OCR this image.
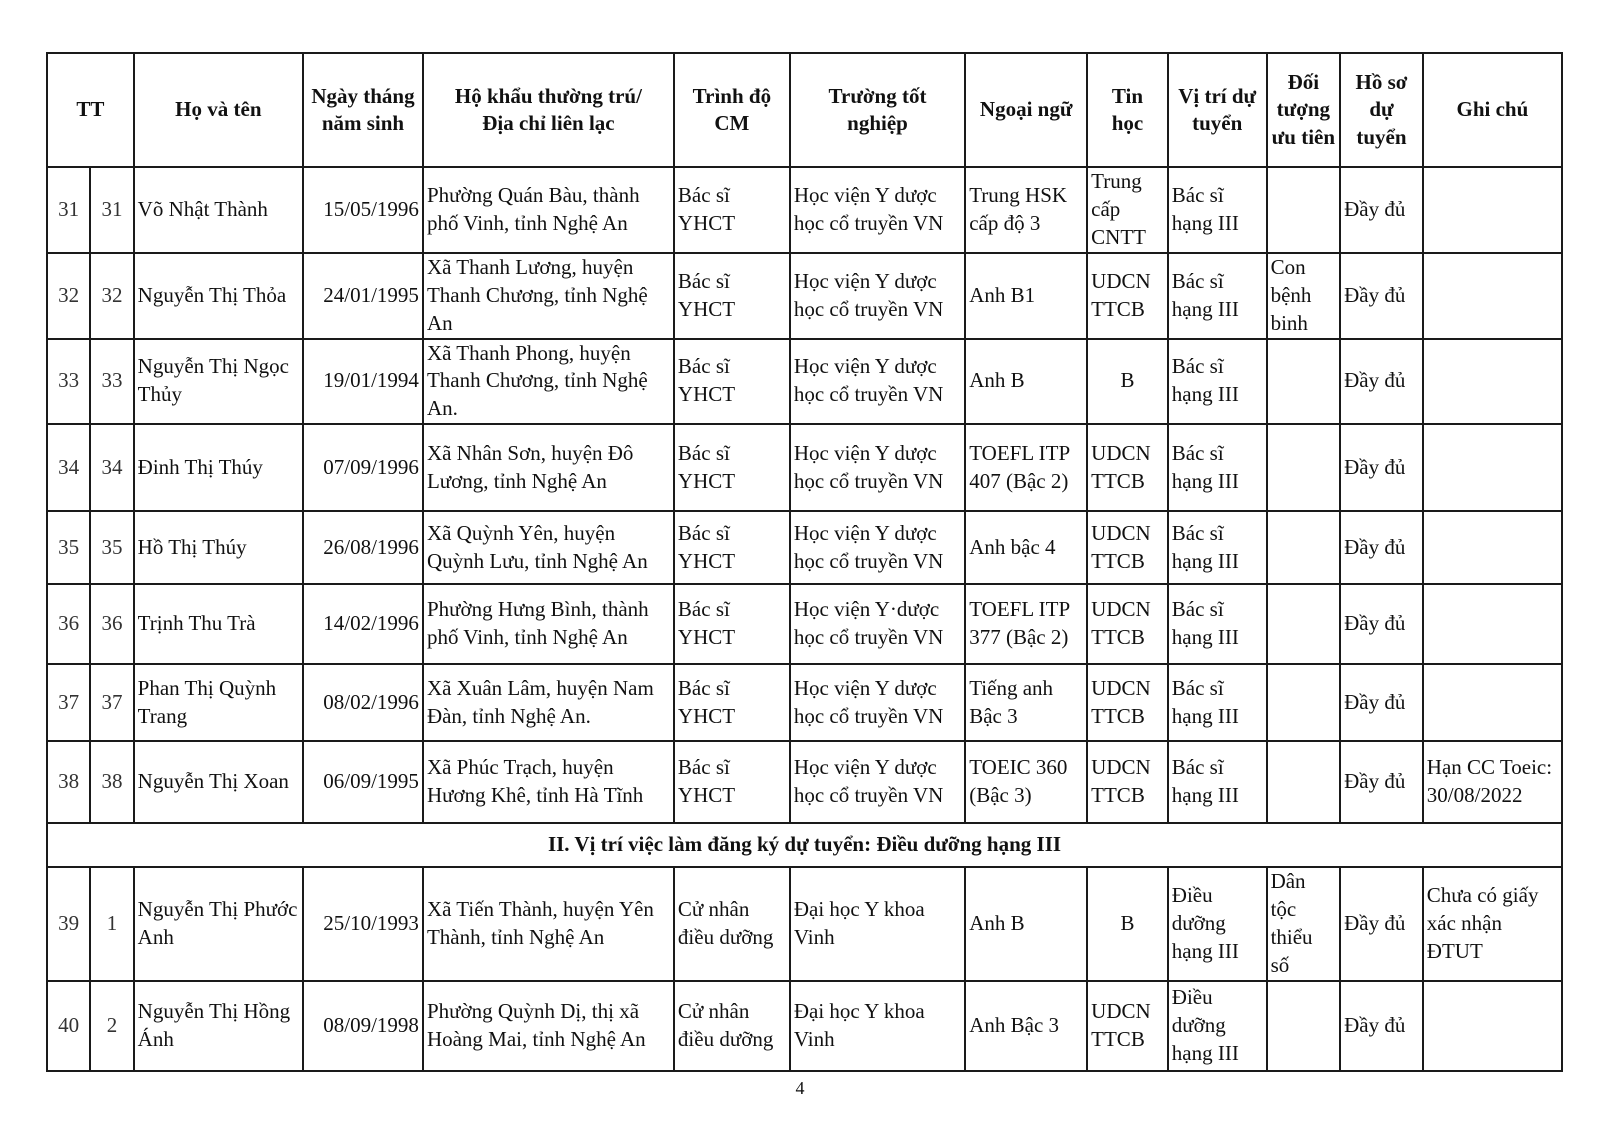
TT		Họ và tên	Ngày tháng
năm sinh	Hộ khẩu thường trú/
Địa chỉ liên lạc	Trình độ
CM	Trường tốt
nghiệp	Ngoại ngữ	Tin
học	Vị trí dự
tuyển	Đối
tượng
ưu tiên	Hồ sơ
dự
tuyển	Ghi chú
31	31	Võ Nhật Thành	15/05/1996	Phường Quán Bàu, thành phố Vinh, tỉnh Nghệ An	Bác sĩ YHCT	Học viện Y dược học cổ truyền VN	Trung HSK cấp độ 3	Trung cấp CNTT	Bác sĩ hạng III		Đầy đủ	
32	32	Nguyễn Thị Thỏa	24/01/1995	Xã Thanh Lương, huyện Thanh Chương, tỉnh Nghệ An	Bác sĩ YHCT	Học viện Y dược học cổ truyền VN	Anh B1	UDCN TTCB	Bác sĩ hạng III	Con bệnh binh	Đầy đủ	
33	33	Nguyễn Thị Ngọc Thủy	19/01/1994	Xã Thanh Phong, huyện Thanh Chương, tỉnh Nghệ An.	Bác sĩ YHCT	Học viện Y dược học cổ truyền VN	Anh B	B	Bác sĩ hạng III		Đầy đủ	
34	34	Đinh Thị Thúy	07/09/1996	Xã Nhân Sơn, huyện Đô Lương, tỉnh Nghệ An	Bác sĩ YHCT	Học viện Y dược học cổ truyền VN	TOEFL ITP 407 (Bậc 2)	UDCN TTCB	Bác sĩ hạng III		Đầy đủ	
35	35	Hồ Thị Thúy	26/08/1996	Xã Quỳnh Yên, huyện Quỳnh Lưu, tỉnh Nghệ An	Bác sĩ YHCT	Học viện Y dược học cổ truyền VN	Anh bậc 4	UDCN TTCB	Bác sĩ hạng III		Đầy đủ	
36	36	Trịnh Thu Trà	14/02/1996	Phường Hưng Bình, thành phố Vinh, tỉnh Nghệ An	Bác sĩ YHCT	Học viện Y·dược học cổ truyền VN	TOEFL ITP 377 (Bậc 2)	UDCN TTCB	Bác sĩ hạng III		Đầy đủ	
37	37	Phan Thị Quỳnh Trang	08/02/1996	Xã Xuân Lâm, huyện Nam Đàn, tỉnh Nghệ An.	Bác sĩ YHCT	Học viện Y dược học cổ truyền VN	Tiếng anh Bậc 3	UDCN TTCB	Bác sĩ hạng III		Đầy đủ	
38	38	Nguyễn Thị Xoan	06/09/1995	Xã Phúc Trạch, huyện Hương Khê, tỉnh Hà Tĩnh	Bác sĩ YHCT	Học viện Y dược học cổ truyền VN	TOEIC 360 (Bậc 3)	UDCN TTCB	Bác sĩ hạng III		Đầy đủ	Hạn CC Toeic: 30/08/2022
II. Vị trí việc làm đăng ký dự tuyển: Điều dưỡng hạng III												
39	1	Nguyễn Thị Phước Anh	25/10/1993	Xã Tiến Thành, huyện Yên Thành, tỉnh Nghệ An	Cử nhân điều dưỡng	Đại học Y khoa Vinh	Anh B	B	Điều dưỡng hạng III	Dân tộc thiểu số	Đầy đủ	Chưa có giấy xác nhận ĐTUT
40	2	Nguyễn Thị Hồng Ánh	08/09/1998	Phường Quỳnh Dị, thị xã Hoàng Mai, tỉnh Nghệ An	Cử nhân điều dưỡng	Đại học Y khoa Vinh	Anh Bậc 3	UDCN TTCB	Điều dưỡng hạng III		Đầy đủ	
4
